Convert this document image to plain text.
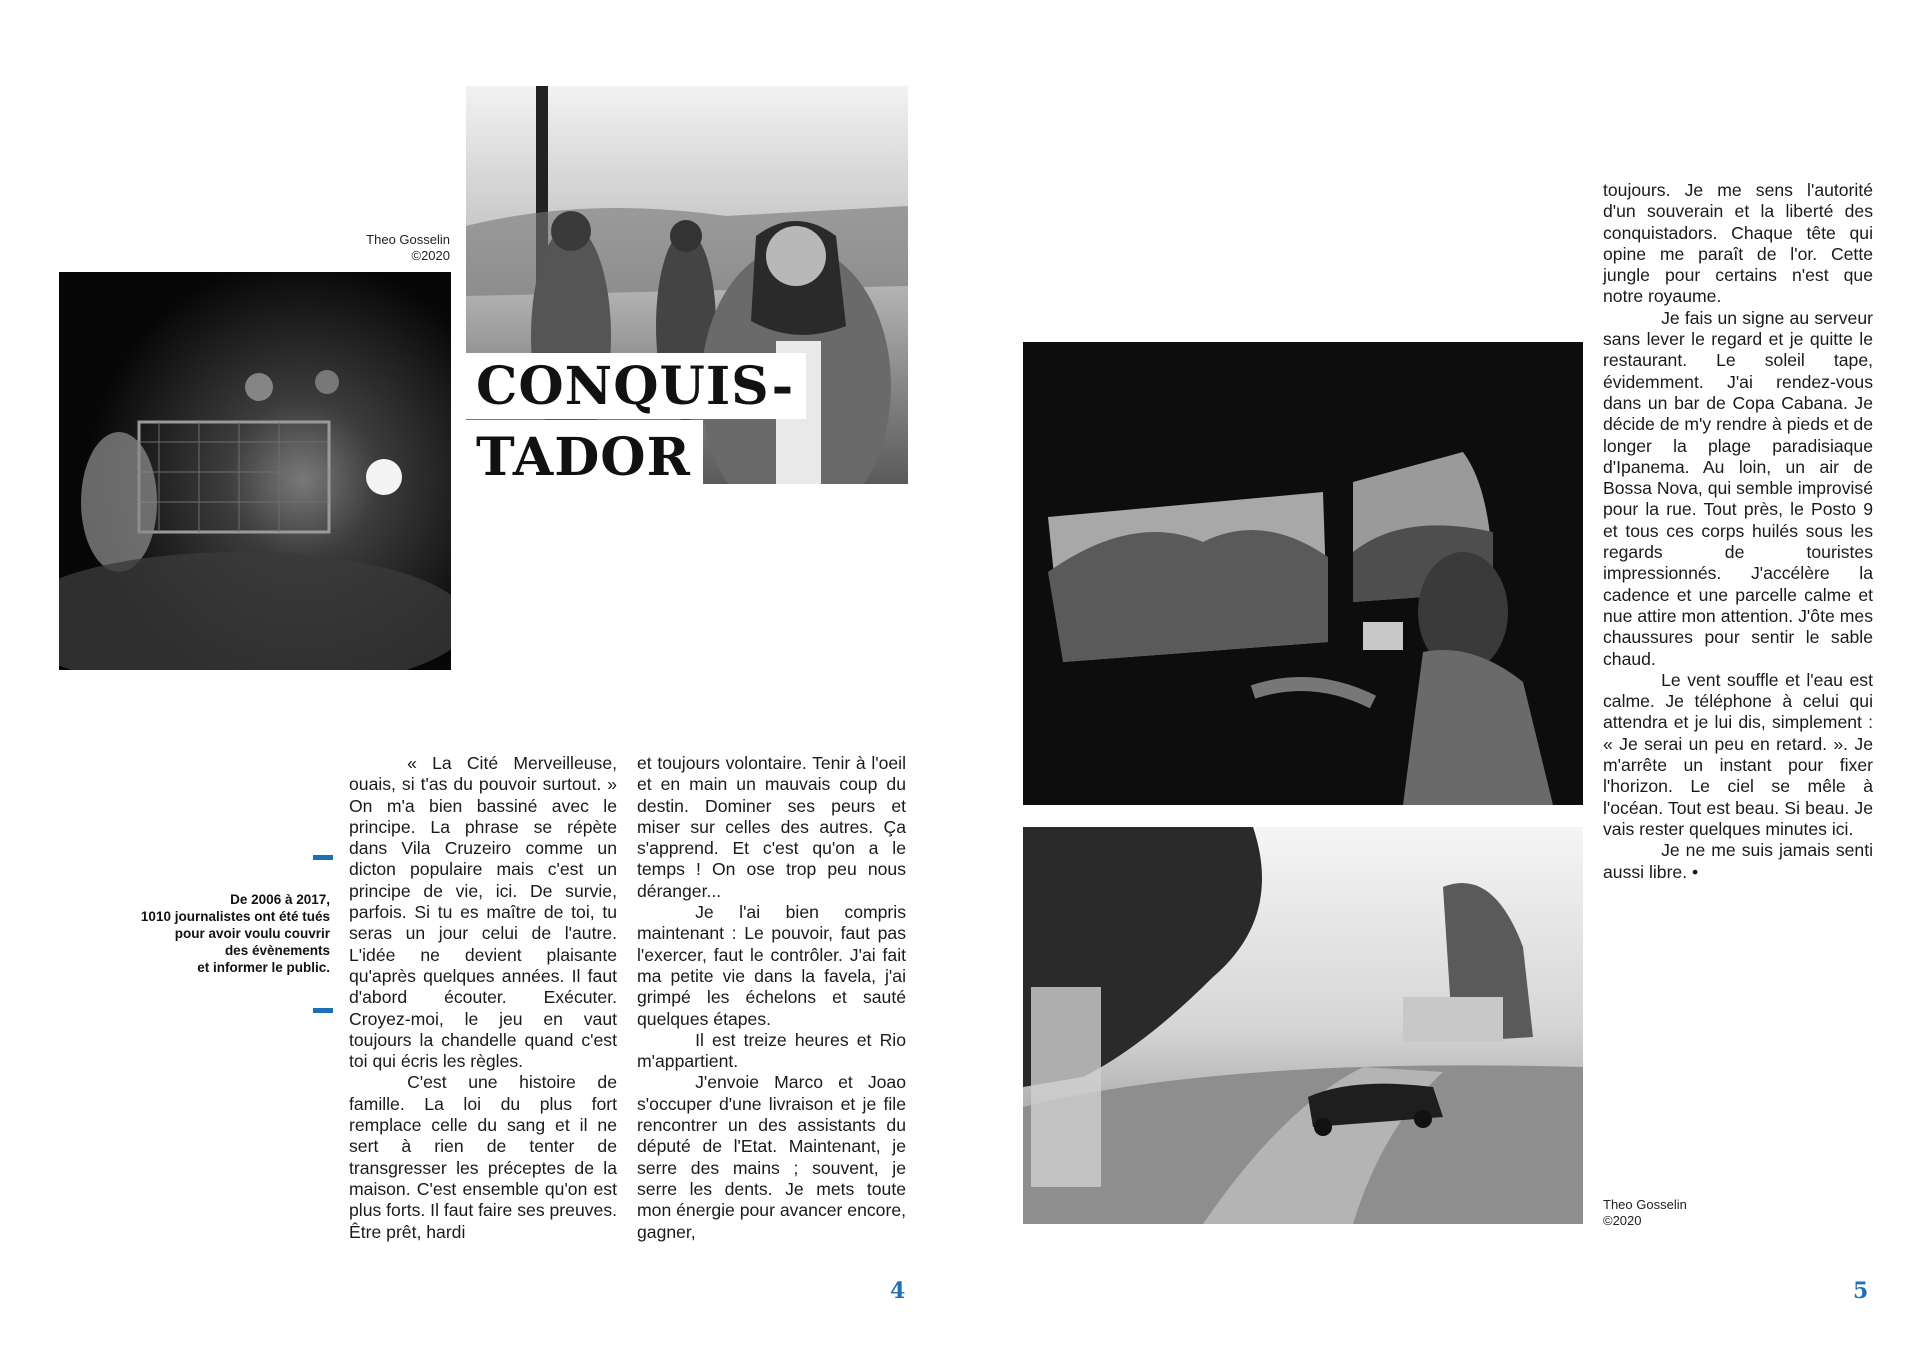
Theo Gosselin
©2020
CONQUIS-
TADOR
De 2006 à 2017,
1010 journalistes ont été tués
pour avoir voulu couvrir
des évènements
et informer le public.

« La Cité Merveilleuse, ouais, si t'as du pouvoir surtout. » On m'a bien bassiné avec le principe. La phrase se répète dans Vila Cruzeiro comme un dicton populaire mais c'est un principe de vie, ici. De survie, parfois. Si tu es maître de toi, tu seras un jour celui de l'autre. L'idée ne devient plaisante qu'après quelques années. Il faut d'abord écouter. Exécuter. Croyez-moi, le jeu en vaut toujours la chandelle quand c'est toi qui écris les règles.

C'est une histoire de famille. La loi du plus fort remplace celle du sang et il ne sert à rien de tenter de transgresser les préceptes de la maison. C'est ensemble qu'on est plus forts. Il faut faire ses preuves. Être prêt, hardi

et toujours volontaire. Tenir à l'oeil et en main un mauvais coup du destin. Dominer ses peurs et miser sur celles des autres. Ça s'apprend. Et c'est qu'on a le temps ! On ose trop peu nous déranger...

Je l'ai bien compris maintenant : Le pouvoir, faut pas l'exercer, faut le contrôler. J'ai fait ma petite vie dans la favela, j'ai grimpé les échelons et sauté quelques étapes.

Il est treize heures et Rio m'appartient.

J'envoie Marco et Joao s'occuper d'une livraison et je file rencontrer un des assistants du député de l'Etat. Maintenant, je serre des mains ; souvent, je serre les dents. Je mets toute mon énergie pour avancer encore, gagner,

4

toujours. Je me sens l'autorité d'un souverain et la liberté des conquistadors. Chaque tête qui opine me paraît de l'or. Cette jungle pour certains n'est que notre royaume.

Je fais un signe au serveur sans lever le regard et je quitte le restaurant. Le soleil tape, évidemment. J'ai rendez-vous dans un bar de Copa Cabana. Je décide de m'y rendre à pieds et de longer la plage paradisiaque d'Ipanema. Au loin, un air de Bossa Nova, qui semble improvisé pour la rue. Tout près, le Posto 9 et tous ces corps huilés sous les regards de touristes impressionnés. J'accélère la cadence et une parcelle calme et nue attire mon attention. J'ôte mes chaussures pour sentir le sable chaud.

Le vent souffle et l'eau est calme. Je téléphone à celui qui attendra et je lui dis, simplement : « Je serai un peu en retard. ». Je m'arrête un instant pour fixer l'horizon. Le ciel se mêle à l'océan. Tout est beau. Si beau. Je vais rester quelques minutes ici.

Je ne me suis jamais senti aussi libre. •

Theo Gosselin
©2020
5
